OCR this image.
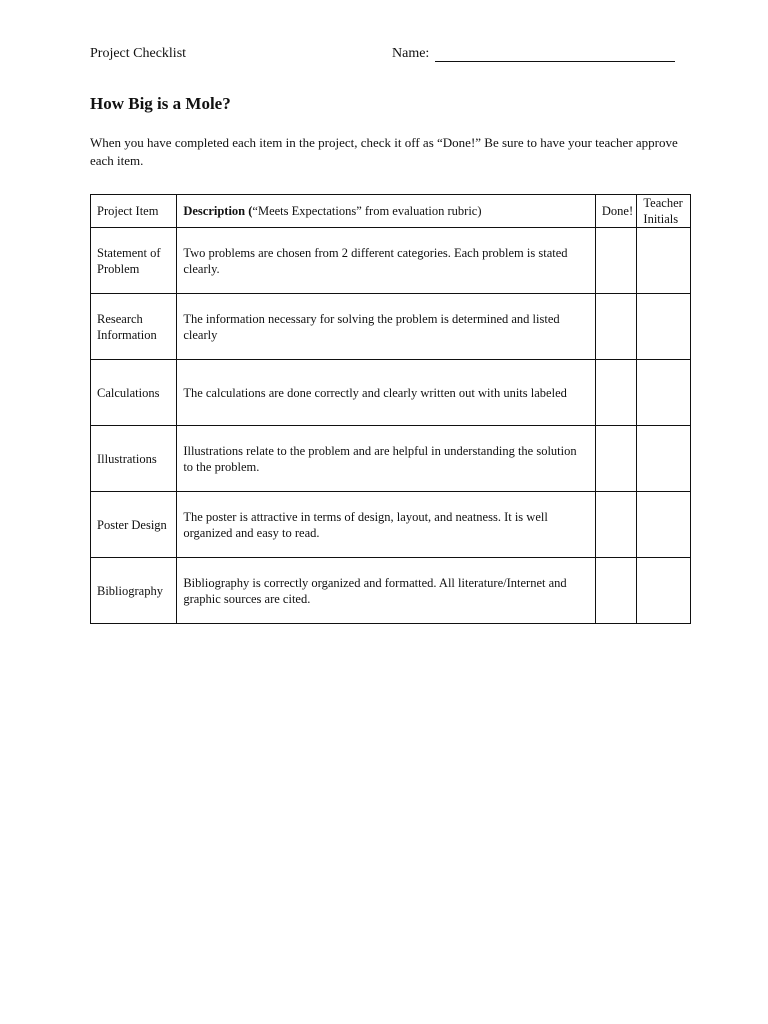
Project Checklist	Name:
How Big is a Mole?
When you have completed each item in the project, check it off as “Done!” Be sure to have your teacher approve each item.
Project Item	Description (“Meets Expectations” from evaluation rubric)	Done!	Teacher Initials
Statement of Problem	Two problems are chosen from 2 different categories. Each problem is stated clearly.		
Research Information	The information necessary for solving the problem is determined and listed clearly		
Calculations	The calculations are done correctly and clearly written out with units labeled		
Illustrations	Illustrations relate to the problem and are helpful in understanding the solution to the problem.		
Poster Design	The poster is attractive in terms of design, layout, and neatness. It is well organized and easy to read.		
Bibliography	Bibliography is correctly organized and formatted. All literature/Internet and graphic sources are cited.		
